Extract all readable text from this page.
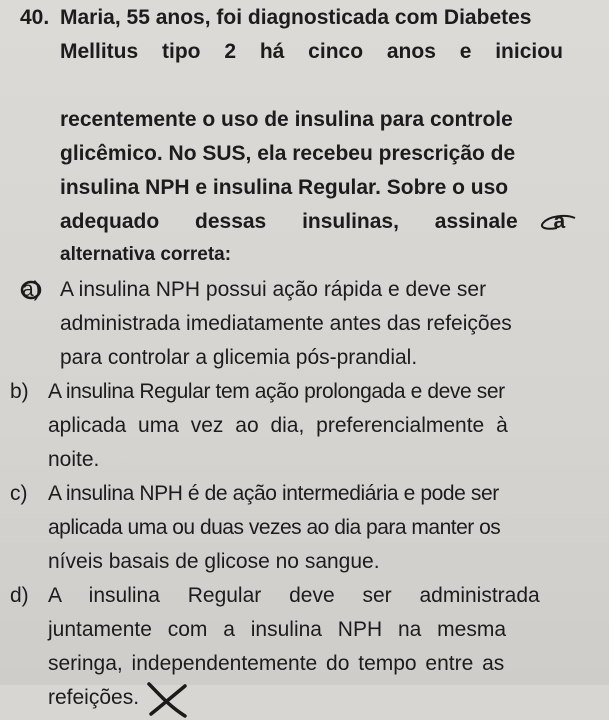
40. Maria, 55 anos, foi diagnosticada com Diabetes
Mellitus tipo 2 há cinco anos e iniciou
recentemente o uso de insulina para controle
glicêmico. No SUS, ela recebeu prescrição de
insulina NPH e insulina Regular. Sobre o uso
adequado dessas insulinas, assinale a
alternativa correta:
a) A insulina NPH possui ação rápida e deve ser
administrada imediatamente antes das refeições
para controlar a glicemia pós-prandial.
b) A insulina Regular tem ação prolongada e deve ser
aplicada uma vez ao dia, preferencialmente à
noite.
c) A insulina NPH é de ação intermediária e pode ser
aplicada uma ou duas vezes ao dia para manter os
níveis basais de glicose no sangue.
d) A insulina Regular deve ser administrada
juntamente com a insulina NPH na mesma
seringa, independentemente do tempo entre as
refeições.
